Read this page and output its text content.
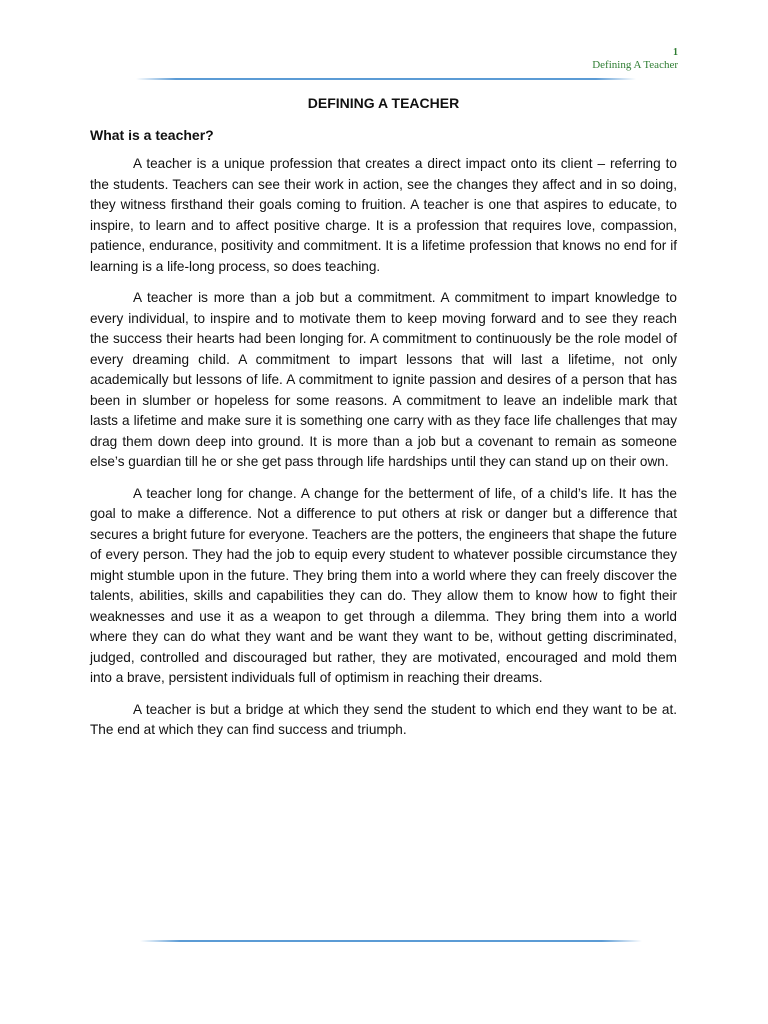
1
Defining A Teacher
DEFINING A TEACHER
What is a teacher?

A teacher is a unique profession that creates a direct impact onto its client – referring to the students. Teachers can see their work in action, see the changes they affect and in so doing, they witness firsthand their goals coming to fruition. A teacher is one that aspires to educate, to inspire, to learn and to affect positive charge. It is a profession that requires love, compassion, patience, endurance, positivity and commitment. It is a lifetime profession that knows no end for if learning is a life-long process, so does teaching.

A teacher is more than a job but a commitment. A commitment to impart knowledge to every individual, to inspire and to motivate them to keep moving forward and to see they reach the success their hearts had been longing for. A commitment to continuously be the role model of every dreaming child. A commitment to impart lessons that will last a lifetime, not only academically but lessons of life. A commitment to ignite passion and desires of a person that has been in slumber or hopeless for some reasons. A commitment to leave an indelible mark that lasts a lifetime and make sure it is something one carry with as they face life challenges that may drag them down deep into ground. It is more than a job but a covenant to remain as someone else’s guardian till he or she get pass through life hardships until they can stand up on their own.

A teacher long for change. A change for the betterment of life, of a child’s life. It has the goal to make a difference. Not a difference to put others at risk or danger but a difference that secures a bright future for everyone. Teachers are the potters, the engineers that shape the future of every person. They had the job to equip every student to whatever possible circumstance they might stumble upon in the future. They bring them into a world where they can freely discover the talents, abilities, skills and capabilities they can do. They allow them to know how to fight their weaknesses and use it as a weapon to get through a dilemma. They bring them into a world where they can do what they want and be want they want to be, without getting discriminated, judged, controlled and discouraged but rather, they are motivated, encouraged and mold them into a brave, persistent individuals full of optimism in reaching their dreams.

A teacher is but a bridge at which they send the student to which end they want to be at. The end at which they can find success and triumph.
